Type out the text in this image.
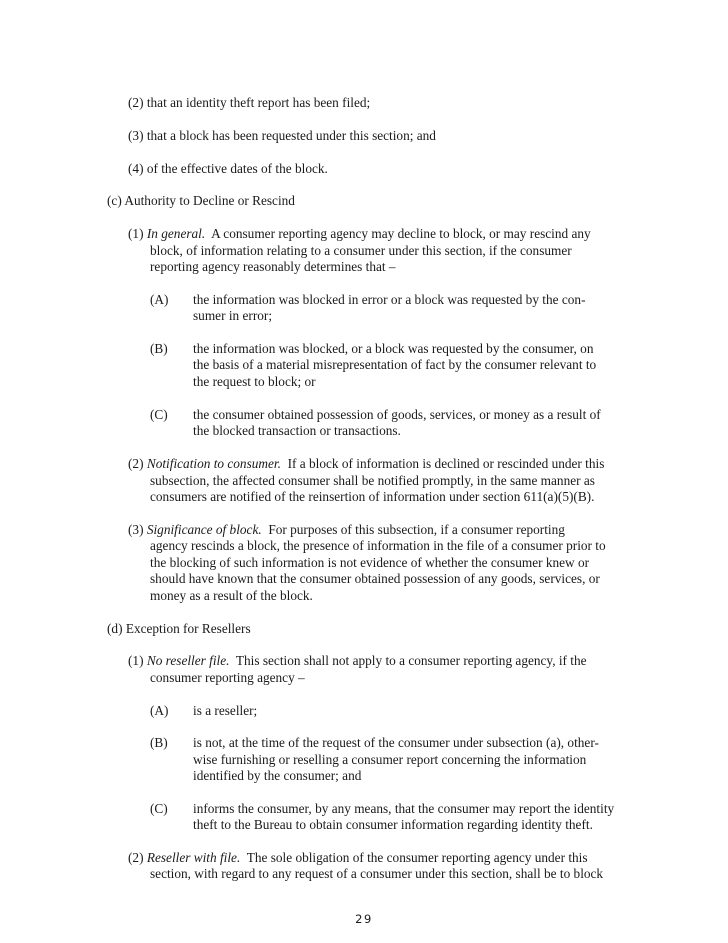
(2) that an identity theft report has been filed;
(3) that a block has been requested under this section; and
(4) of the effective dates of the block.
(c) Authority to Decline or Rescind
(1) In general. A consumer reporting agency may decline to block, or may rescind any
block, of information relating to a consumer under this section, if the consumer
reporting agency reasonably determines that –
(A) the information was blocked in error or a block was requested by the con-
sumer in error;
(B) the information was blocked, or a block was requested by the consumer, on
the basis of a material misrepresentation of fact by the consumer relevant to
the request to block; or
(C) the consumer obtained possession of goods, services, or money as a result of
the blocked transaction or transactions.
(2) Notification to consumer. If a block of information is declined or rescinded under this
subsection, the affected consumer shall be notified promptly, in the same manner as
consumers are notified of the reinsertion of information under section 611(a)(5)(B).
(3) Significance of block. For purposes of this subsection, if a consumer reporting
agency rescinds a block, the presence of information in the file of a consumer prior to
the blocking of such information is not evidence of whether the consumer knew or
should have known that the consumer obtained possession of any goods, services, or
money as a result of the block.
(d) Exception for Resellers
(1) No reseller file. This section shall not apply to a consumer reporting agency, if the
consumer reporting agency –
(A) is a reseller;
(B) is not, at the time of the request of the consumer under subsection (a), other-
wise furnishing or reselling a consumer report concerning the information
identified by the consumer; and
(C) informs the consumer, by any means, that the consumer may report the identity
theft to the Bureau to obtain consumer information regarding identity theft.
(2) Reseller with file. The sole obligation of the consumer reporting agency under this
section, with regard to any request of a consumer under this section, shall be to block
29
